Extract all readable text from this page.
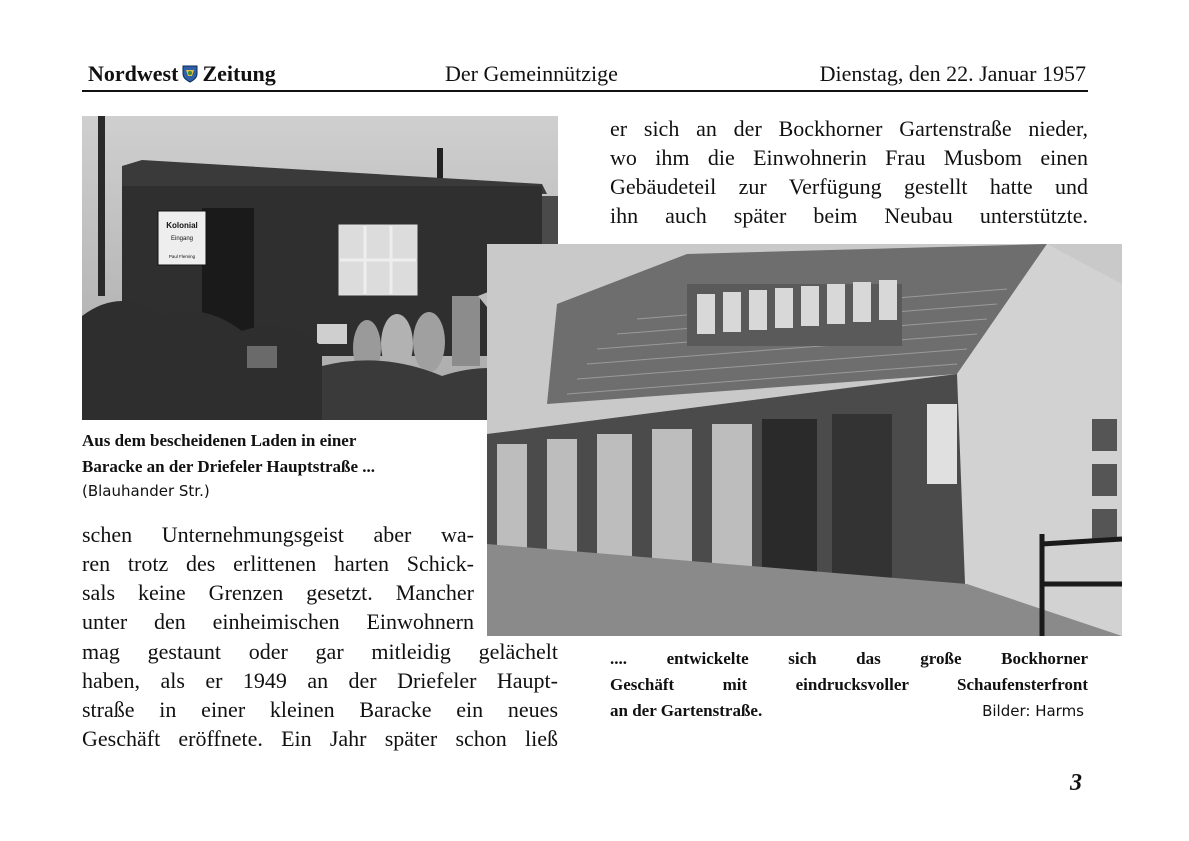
Nordwest Zeitung	Der Gemeinnützige	Dienstag, den 22. Januar 1957
Kolonial
Eingang
Paul Fleming
Aus dem bescheidenen Laden in einer
Baracke an der Driefeler Hauptstraße ...
(Blauhander Str.)
er sich an der Bockhorner Gartenstraße nieder,
wo ihm die Einwohnerin Frau Musbom einen
Gebäudeteil zur Verfügung gestellt hatte und
ihn auch später beim Neubau unterstützte.
schen Unternehmungsgeist aber wa-
ren trotz des erlittenen harten Schick-
sals keine Grenzen gesetzt. Mancher
unter den einheimischen Einwohnern
mag gestaunt oder gar mitleidig gelächelt
haben, als er 1949 an der Driefeler Haupt-
straße in einer kleinen Baracke ein neues
Geschäft eröffnete. Ein Jahr später schon ließ
.... entwickelte sich das große Bockhorner
Geschäft mit eindrucksvoller Schaufensterfront
an der Gartenstraße.	Bilder: Harms
3
